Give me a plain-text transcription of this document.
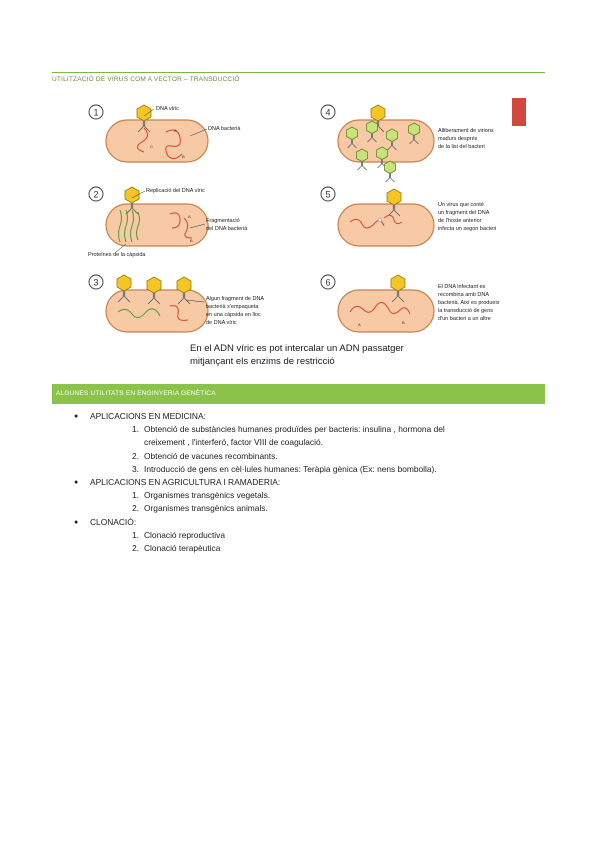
UTILITZACIÓ DE VIRUS COM A VECTOR – TRANSDUCCIÓ
1
A
C
B
DNA víric
DNA bacterià
2
A
B
Replicació del DNA víric
Fragmentació
del DNA bacterià
Proteïnes de la càpsida
3
Algun fragment de DNA
bacterià s'empaqueta
en una càpsida en lloc
de DNA víric
4
Alliberament de virions
madurs després
de la lisi del bacteri
5
Un virus que conté
un fragment del DNA
de l'hoste anterior
infecta un segon bacteri
6
A	B
El DNA infectant es
recombina amb DNA
bacterià. Així es produeix
la transducció de gens
d'un bacteri a un altre
En el ADN víric es pot intercalar un ADN passatger
mitjançant els enzims de restricció
ALGUNES UTILITATS EN ENGINYERIA GENÈTICA
● APLICACIONS EN MEDICINA:
1. Obtenció de substàncies humanes produïdes per bacteris: insulina , hormona del
creixement , l'interferó, factor VIII de coagulació.
2. Obtenció de vacunes recombinants.
3. Introducció de gens en cèl·lules humanes: Teràpia gènica (Ex: nens bombolla).
● APLICACIONS EN AGRICULTURA I RAMADERIA:
1. Organismes transgènics vegetals.
2. Organismes transgènics animals.
● CLONACIÓ:
1. Clonació reproductiva
2. Clonació terapèutica
